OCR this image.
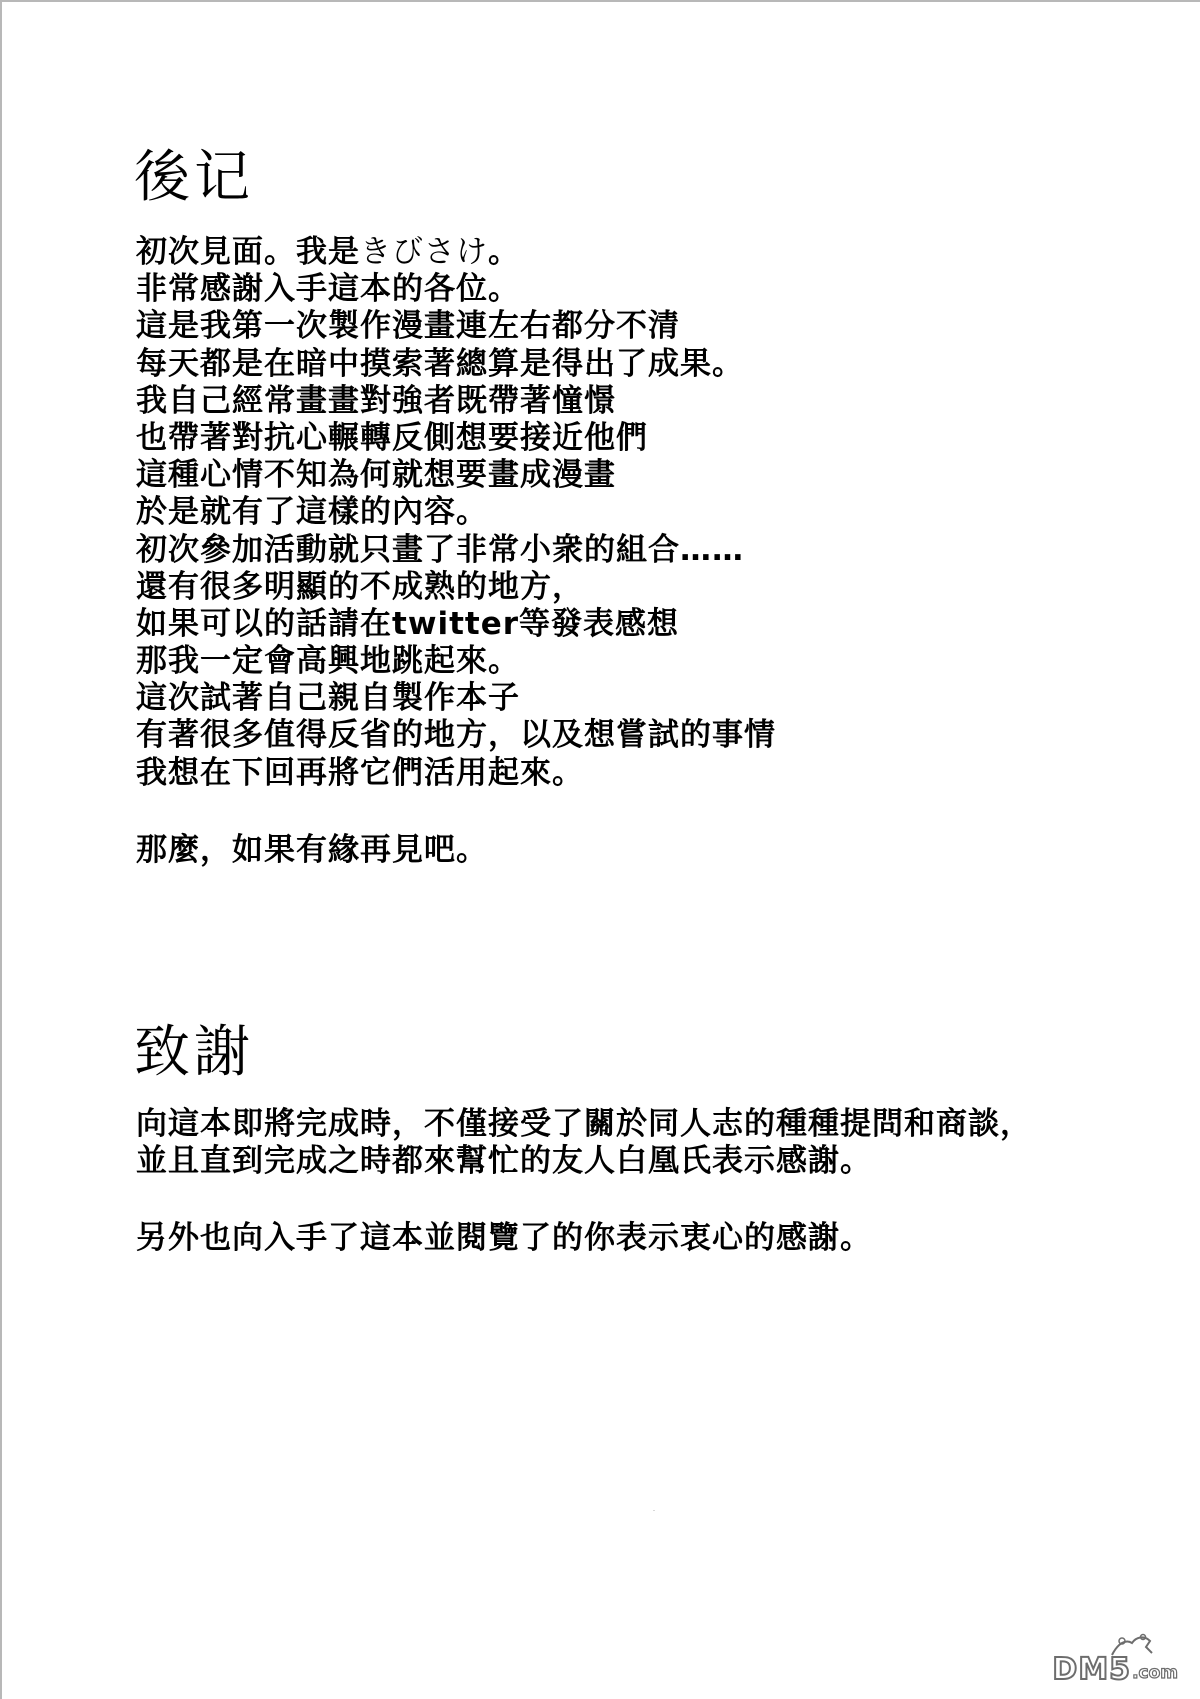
後记
初次見面。我是きびさけ。
非常感謝入手這本的各位。
這是我第一次製作漫畫連左右都分不清
每天都是在暗中摸索著總算是得出了成果。
我自己經常畫畫對強者既帶著憧憬
也帶著對抗心輾轉反側想要接近他們
這種心情不知為何就想要畫成漫畫
於是就有了這樣的內容。
初次參加活動就只畫了非常小衆的組合……
還有很多明顯的不成熟的地方，
如果可以的話請在twitter等發表感想
那我一定會高興地跳起來。
這次試著自己親自製作本子
有著很多值得反省的地方，以及想嘗試的事情
我想在下回再將它們活用起來。
那麼，如果有緣再見吧。
致謝
向這本即將完成時，不僅接受了關於同人志的種種提問和商談，
並且直到完成之時都來幫忙的友人白凰氏表示感謝。
另外也向入手了這本並閱覽了的你表示衷心的感謝。
DM5 .com
